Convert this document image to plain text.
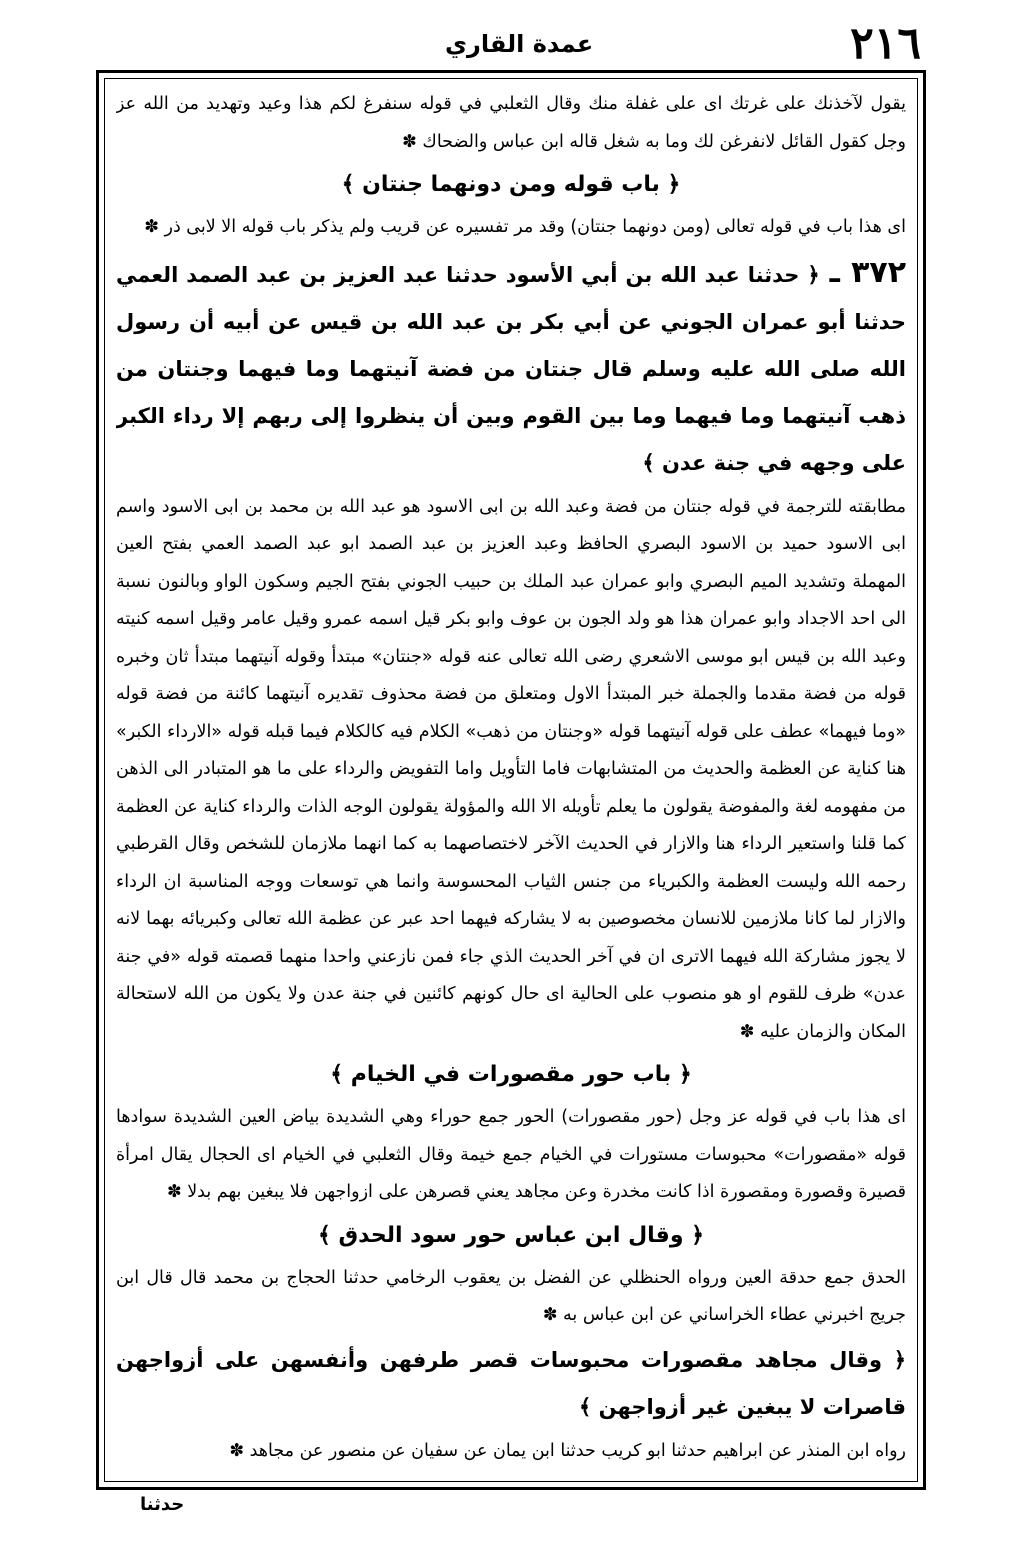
٢١٦
عمدة القاري

يقول لآخذنك على غرتك اى على غفلة منك وقال الثعلبي في قوله سنفرغ لكم هذا وعيد وتهديد من الله عز وجل كقول القائل لانفرغن لك وما به شغل قاله ابن عباس والضحاك ✽

﴿ باب قوله ومن دونهما جنتان ﴾

اى هذا باب في قوله تعالى (ومن دونهما جنتان) وقد مر تفسيره عن قريب ولم يذكر باب قوله الا لابى ذر ✽

٣٧٢ ـ﴿ حدثنا عبد الله بن أبي الأسود حدثنا عبد العزيز بن عبد الصمد العمي حدثنا أبو عمران الجوني عن أبي بكر بن عبد الله بن قيس عن أبيه أن رسول الله صلى الله عليه وسلم قال جنتان من فضة آنيتهما وما فيهما وجنتان من ذهب آنيتهما وما فيهما وما بين القوم وبين أن ينظروا إلى ربهم إلا رداء الكبر على وجهه في جنة عدن ﴾

مطابقته للترجمة في قوله جنتان من فضة وعبد الله بن ابى الاسود هو عبد الله بن محمد بن ابى الاسود واسم ابى الاسود حميد بن الاسود البصري الحافظ وعبد العزيز بن عبد الصمد ابو عبد الصمد العمي بفتح العين المهملة وتشديد الميم البصري وابو عمران عبد الملك بن حبيب الجوني بفتح الجيم وسكون الواو وبالنون نسبة الى احد الاجداد وابو عمران هذا هو ولد الجون بن عوف وابو بكر قيل اسمه عمرو وقيل عامر وقيل اسمه كنيته وعبد الله بن قيس ابو موسى الاشعري رضى الله تعالى عنه قوله «جنتان» مبتدأ وقوله آنيتهما مبتدأ ثان وخبره قوله من فضة مقدما والجملة خبر المبتدأ الاول ومتعلق من فضة محذوف تقديره آنيتهما كائنة من فضة قوله «وما فيهما» عطف على قوله آنيتهما قوله «وجنتان من ذهب» الكلام فيه كالكلام فيما قبله قوله «الارداء الكبر» هنا كناية عن العظمة والحديث من المتشابهات فاما التأويل واما التفويض والرداء على ما هو المتبادر الى الذهن من مفهومه لغة والمفوضة يقولون ما يعلم تأويله الا الله والمؤولة يقولون الوجه الذات والرداء كناية عن العظمة كما قلنا واستعير الرداء هنا والازار في الحديث الآخر لاختصاصهما به كما انهما ملازمان للشخص وقال القرطبي رحمه الله وليست العظمة والكبرياء من جنس الثياب المحسوسة وانما هي توسعات ووجه المناسبة ان الرداء والازار لما كانا ملازمين للانسان مخصوصين به لا يشاركه فيهما احد عبر عن عظمة الله تعالى وكبريائه بهما لانه لا يجوز مشاركة الله فيهما الاترى ان في آخر الحديث الذي جاء فمن نازعني واحدا منهما قصمته قوله «في جنة عدن» ظرف للقوم او هو منصوب على الحالية اى حال كونهم كائنين في جنة عدن ولا يكون من الله لاستحالة المكان والزمان عليه ✽

﴿ باب حور مقصورات في الخيام ﴾

اى هذا باب في قوله عز وجل (حور مقصورات) الحور جمع حوراء وهي الشديدة بياض العين الشديدة سوادها قوله «مقصورات» محبوسات مستورات في الخيام جمع خيمة وقال الثعلبي في الخيام اى الحجال يقال امرأة قصيرة وقصورة ومقصورة اذا كانت مخدرة وعن مجاهد يعني قصرهن على ازواجهن فلا يبغين بهم بدلا ✽

﴿ وقال ابن عباس حور سود الحدق ﴾

الحدق جمع حدقة العين ورواه الحنظلي عن الفضل بن يعقوب الرخامي حدثنا الحجاج بن محمد قال قال ابن جريج اخبرني عطاء الخراساني عن ابن عباس به ✽

﴿ وقال مجاهد مقصورات محبوسات قصر طرفهن وأنفسهن على أزواجهن قاصرات لا يبغين غير أزواجهن ﴾

رواه ابن المنذر عن ابراهيم حدثنا ابو كريب حدثنا ابن يمان عن سفيان عن منصور عن مجاهد ✽

حدثنا
